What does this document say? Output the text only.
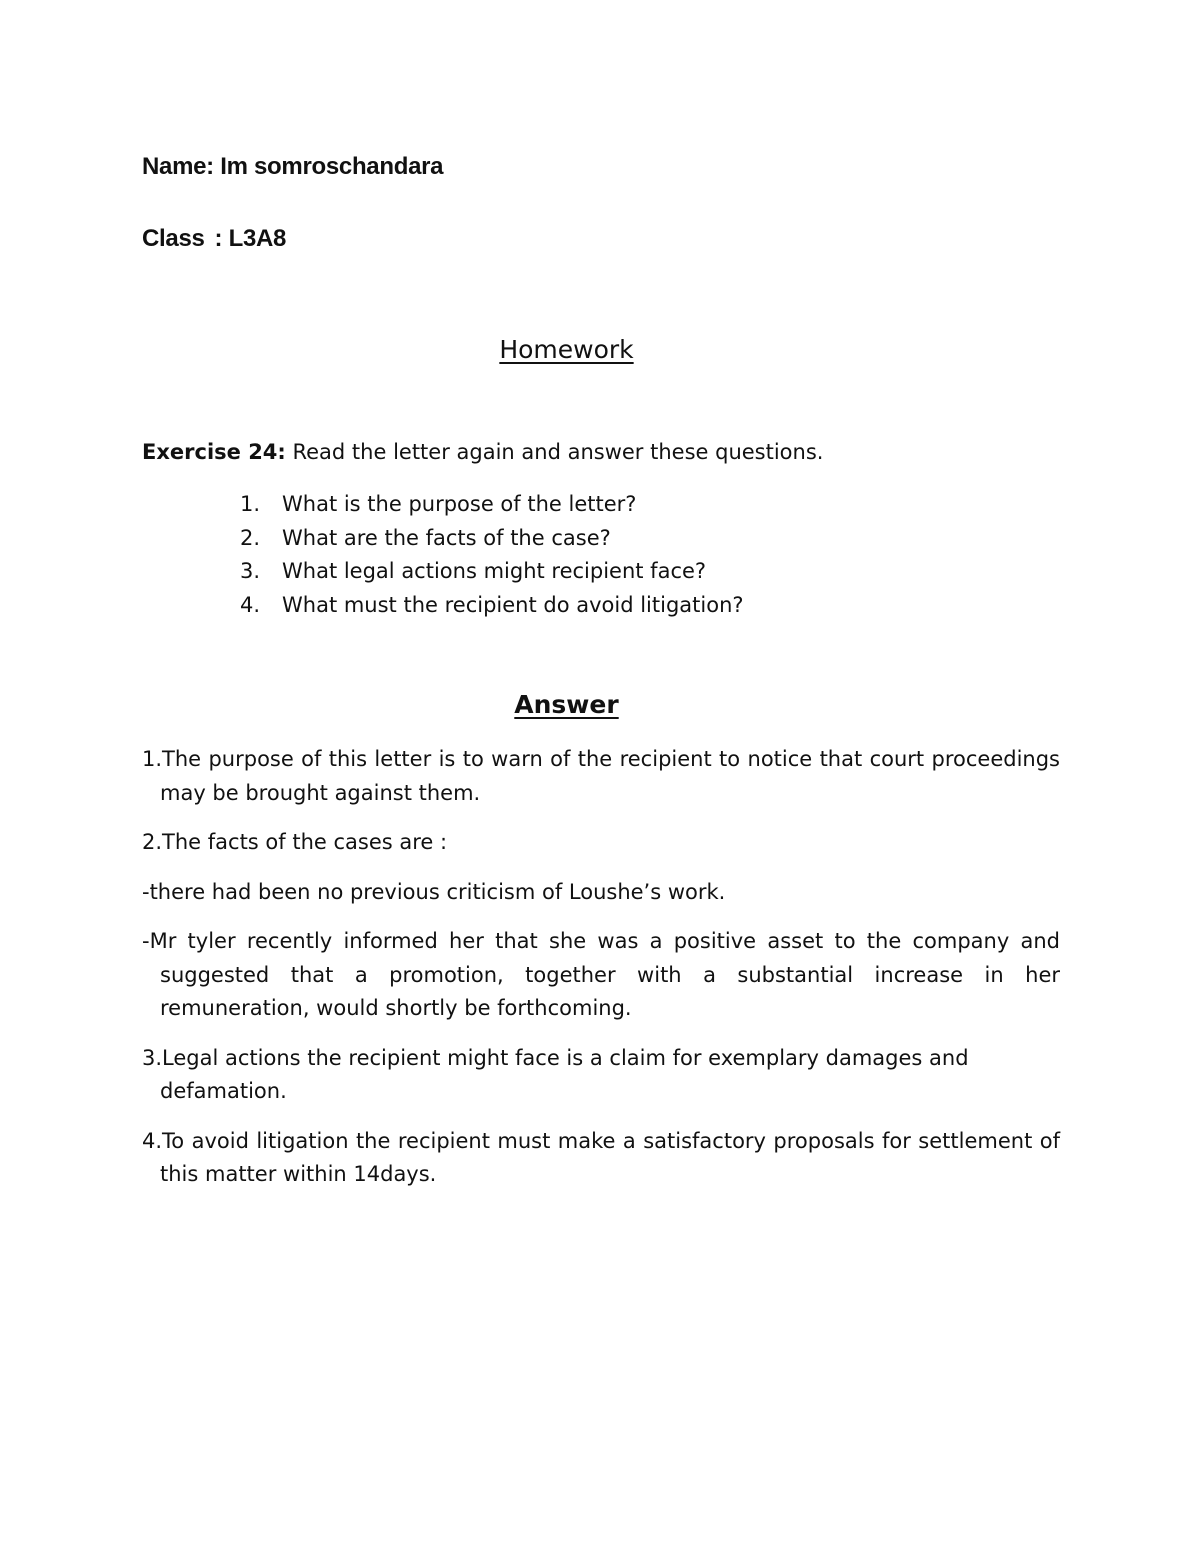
Name: Im somroschandara
Class : L3A8
Homework
Exercise 24: Read the letter again and answer these questions.
1. What is the purpose of the letter?
2. What are the facts of the case?
3. What legal actions might recipient face?
4. What must the recipient do avoid litigation?
Answer

1.The purpose of this letter is to warn of the recipient to notice that court proceedings may be brought against them.

2.The facts of the cases are :

-there had been no previous criticism of Loushe’s work.

-Mr tyler recently informed her that she was a positive asset to the company and suggested that a promotion, together with a substantial increase in her remuneration, would shortly be forthcoming.

3.Legal actions the recipient might face is a claim for exemplary damages and defamation.

4.To avoid litigation the recipient must make a satisfactory proposals for settlement of this matter within 14days.
